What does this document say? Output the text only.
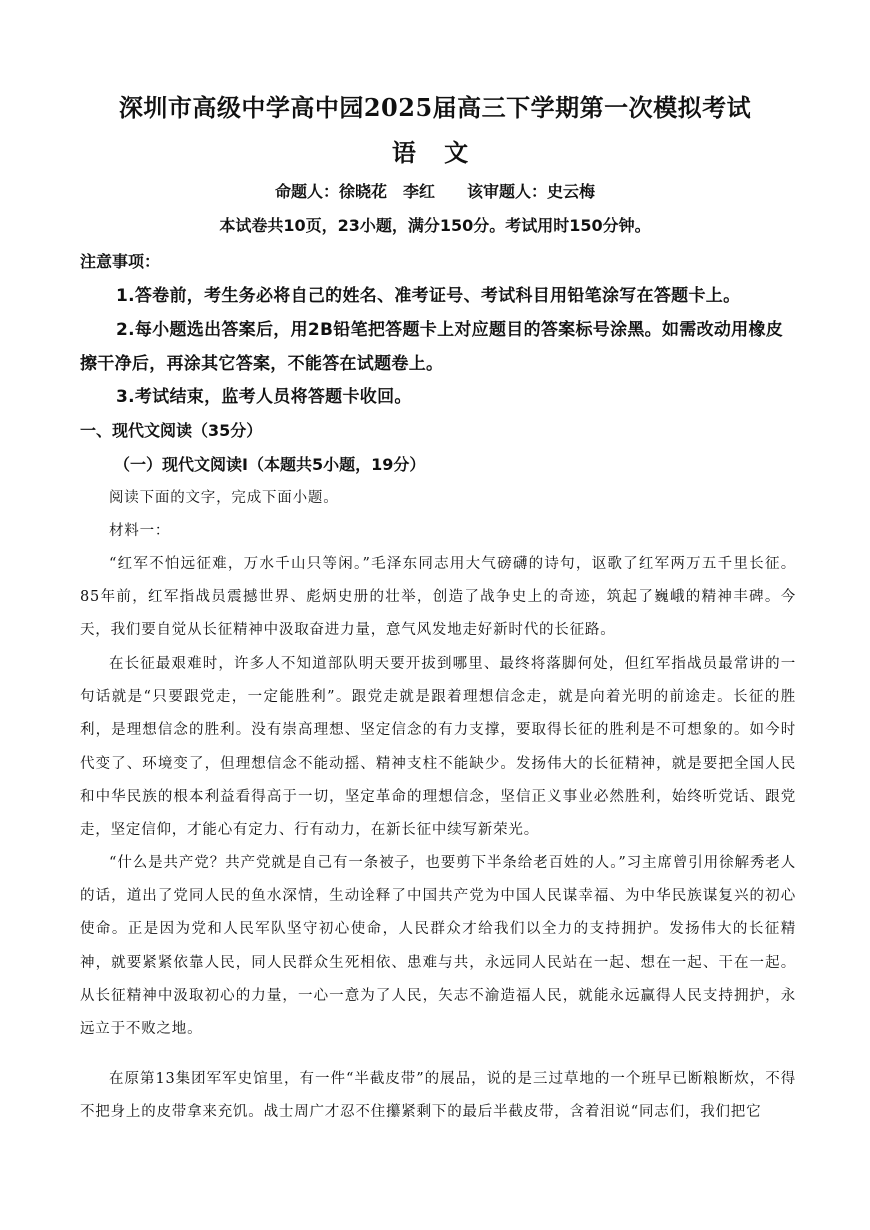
深圳市高级中学高中园2025届高三下学期第一次模拟考试
语 文
命题人：徐晓花　李红　　该审题人：史云梅
本试卷共10页，23小题，满分150分。考试用时150分钟。
注意事项：
1.答卷前，考生务必将自己的姓名、准考证号、考试科目用铅笔涂写在答题卡上。
2.每小题选出答案后，用2B铅笔把答题卡上对应题目的答案标号涂黑。如需改动用橡皮擦干净后，再涂其它答案，不能答在试题卷上。
3.考试结束，监考人员将答题卡收回。
一、现代文阅读（35分）
（一）现代文阅读Ⅰ（本题共5小题，19分）
阅读下面的文字，完成下面小题。
材料一：
“红军不怕远征难，万水千山只等闲。”毛泽东同志用大气磅礴的诗句，讴歌了红军两万五千里长征。85年前，红军指战员震撼世界、彪炳史册的壮举，创造了战争史上的奇迹，筑起了巍峨的精神丰碑。今天，我们要自觉从长征精神中汲取奋进力量，意气风发地走好新时代的长征路。
在长征最艰难时，许多人不知道部队明天要开拔到哪里、最终将落脚何处，但红军指战员最常讲的一句话就是“只要跟党走，一定能胜利”。跟党走就是跟着理想信念走，就是向着光明的前途走。长征的胜利，是理想信念的胜利。没有崇高理想、坚定信念的有力支撑，要取得长征的胜利是不可想象的。如今时代变了、环境变了，但理想信念不能动摇、精神支柱不能缺少。发扬伟大的长征精神，就是要把全国人民和中华民族的根本利益看得高于一切，坚定革命的理想信念，坚信正义事业必然胜利，始终听党话、跟党走，坚定信仰，才能心有定力、行有动力，在新长征中续写新荣光。
“什么是共产党？共产党就是自己有一条被子，也要剪下半条给老百姓的人。”习主席曾引用徐解秀老人的话，道出了党同人民的鱼水深情，生动诠释了中国共产党为中国人民谋幸福、为中华民族谋复兴的初心使命。正是因为党和人民军队坚守初心使命，人民群众才给我们以全力的支持拥护。发扬伟大的长征精神，就要紧紧依靠人民，同人民群众生死相依、患难与共，永远同人民站在一起、想在一起、干在一起。从长征精神中汲取初心的力量，一心一意为了人民，矢志不渝造福人民，就能永远赢得人民支持拥护，永远立于不败之地。
在原第13集团军军史馆里，有一件“半截皮带”的展品，说的是三过草地的一个班早已断粮断炊，不得不把身上的皮带拿来充饥。战士周广才忍不住攥紧剩下的最后半截皮带，含着泪说“同志们，我们把它
